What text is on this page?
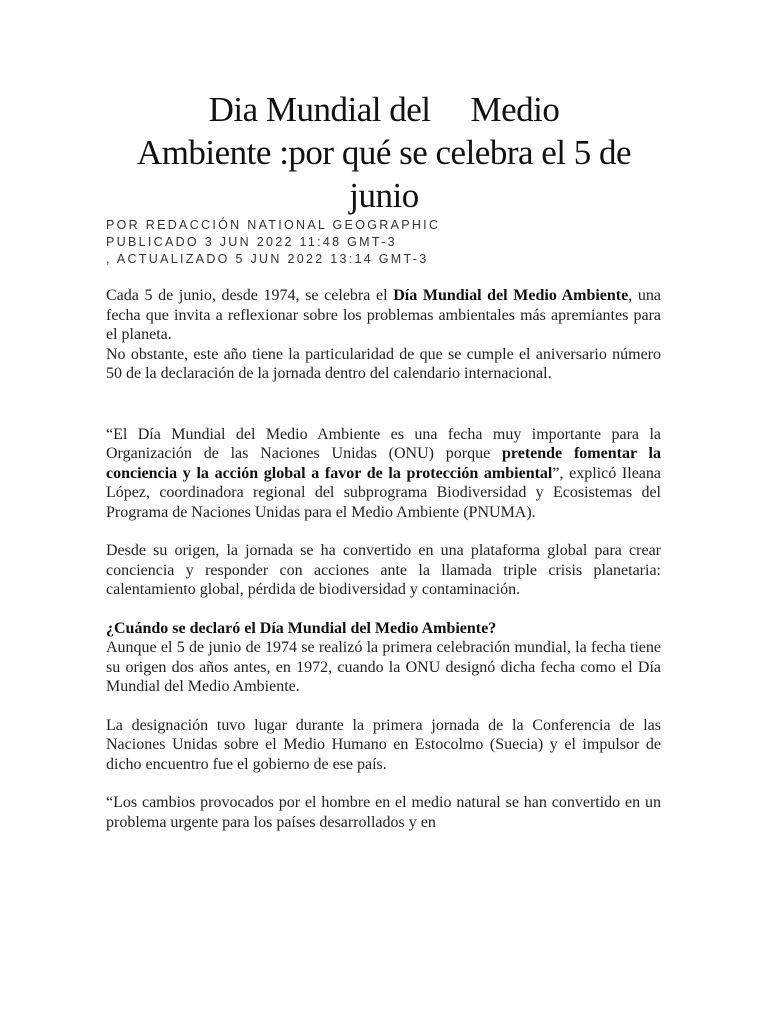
Dia Mundial del Medio
Ambiente :por qué se celebra el 5 de
junio
POR REDACCIÓN NATIONAL GEOGRAPHIC
PUBLICADO 3 JUN 2022 11:48 GMT-3
, ACTUALIZADO 5 JUN 2022 13:14 GMT-3

Cada 5 de junio, desde 1974, se celebra el Día Mundial del Medio Ambiente, una fecha que invita a reflexionar sobre los problemas ambientales más apremiantes para el planeta.

No obstante, este año tiene la particularidad de que se cumple el aniversario número 50 de la declaración de la jornada dentro del calendario internacional.

“El Día Mundial del Medio Ambiente es una fecha muy importante para la Organización de las Naciones Unidas (ONU) porque pretende fomentar la conciencia y la acción global a favor de la protección ambiental”, explicó Ileana López, coordinadora regional del subprograma Biodiversidad y Ecosistemas del Programa de Naciones Unidas para el Medio Ambiente (PNUMA).

Desde su origen, la jornada se ha convertido en una plataforma global para crear conciencia y responder con acciones ante la llamada triple crisis planetaria: calentamiento global, pérdida de biodiversidad y contaminación.

¿Cuándo se declaró el Día Mundial del Medio Ambiente?

Aunque el 5 de junio de 1974 se realizó la primera celebración mundial, la fecha tiene su origen dos años antes, en 1972, cuando la ONU designó dicha fecha como el Día Mundial del Medio Ambiente.

La designación tuvo lugar durante la primera jornada de la Conferencia de las Naciones Unidas sobre el Medio Humano en Estocolmo (Suecia) y el impulsor de dicho encuentro fue el gobierno de ese país.

“Los cambios provocados por el hombre en el medio natural se han convertido en un problema urgente para los países desarrollados y en
